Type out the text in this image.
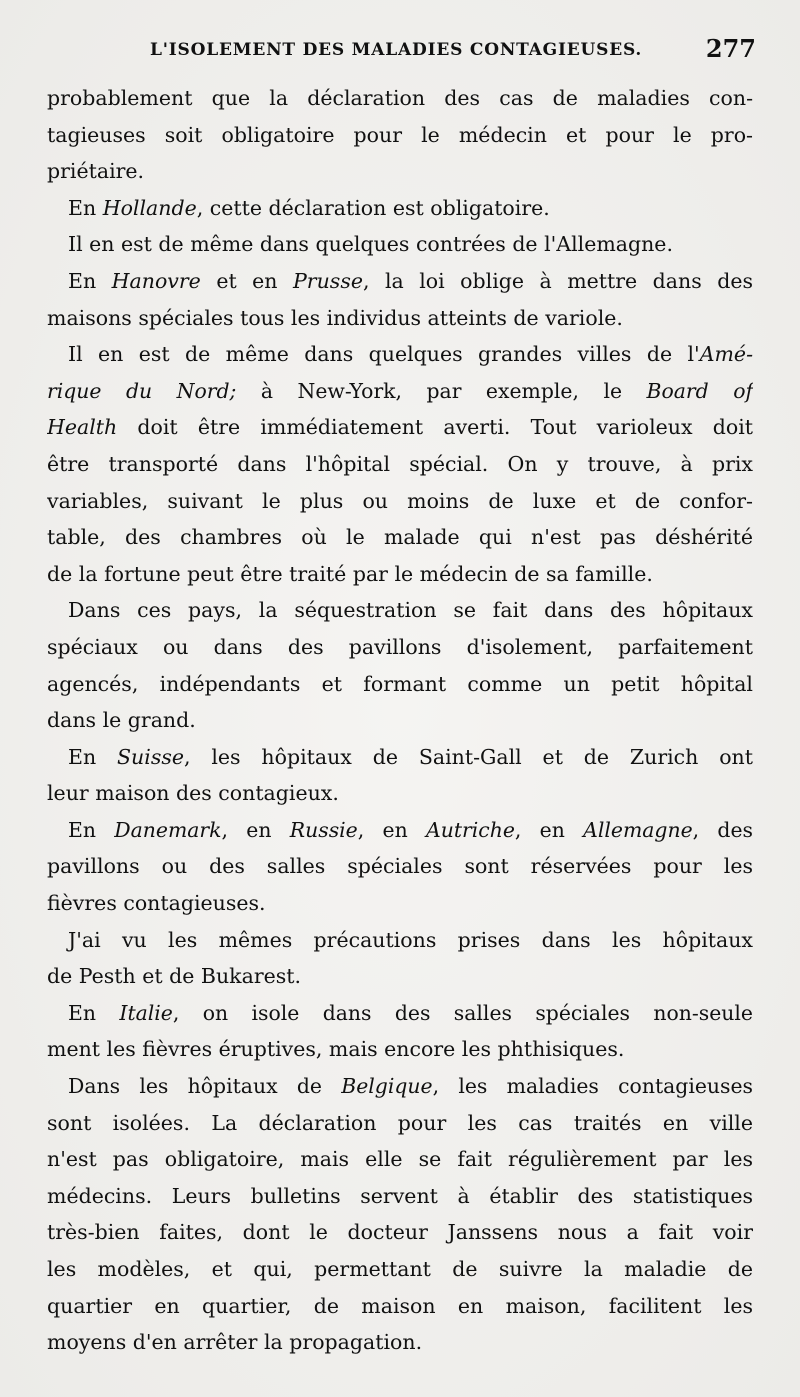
L'ISOLEMENT DES MALADIES CONTAGIEUSES.	277
probablement que la déclaration des cas de maladies con-
tagieuses soit obligatoire pour le médecin et pour le pro-
priétaire.
En Hollande, cette déclaration est obligatoire.
Il en est de même dans quelques contrées de l'Allemagne.
En Hanovre et en Prusse, la loi oblige à mettre dans des
maisons spéciales tous les individus atteints de variole.
Il en est de même dans quelques grandes villes de l'Amé-
rique du Nord; à New-York, par exemple, le Board of
Health doit être immédiatement averti. Tout varioleux doit
être transporté dans l'hôpital spécial. On y trouve, à prix
variables, suivant le plus ou moins de luxe et de confor-
table, des chambres où le malade qui n'est pas déshérité
de la fortune peut être traité par le médecin de sa famille.
Dans ces pays, la séquestration se fait dans des hôpitaux
spéciaux ou dans des pavillons d'isolement, parfaitement
agencés, indépendants et formant comme un petit hôpital
dans le grand.
En Suisse, les hôpitaux de Saint-Gall et de Zurich ont
leur maison des contagieux.
En Danemark, en Russie, en Autriche, en Allemagne, des
pavillons ou des salles spéciales sont réservées pour les
fièvres contagieuses.
J'ai vu les mêmes précautions prises dans les hôpitaux
de Pesth et de Bukarest.
En Italie, on isole dans des salles spéciales non-seule
ment les fièvres éruptives, mais encore les phthisiques.
Dans les hôpitaux de Belgique, les maladies contagieuses
sont isolées. La déclaration pour les cas traités en ville
n'est pas obligatoire, mais elle se fait régulièrement par les
médecins. Leurs bulletins servent à établir des statistiques
très-bien faites, dont le docteur Janssens nous a fait voir
les modèles, et qui, permettant de suivre la maladie de
quartier en quartier, de maison en maison, facilitent les
moyens d'en arrêter la propagation.
